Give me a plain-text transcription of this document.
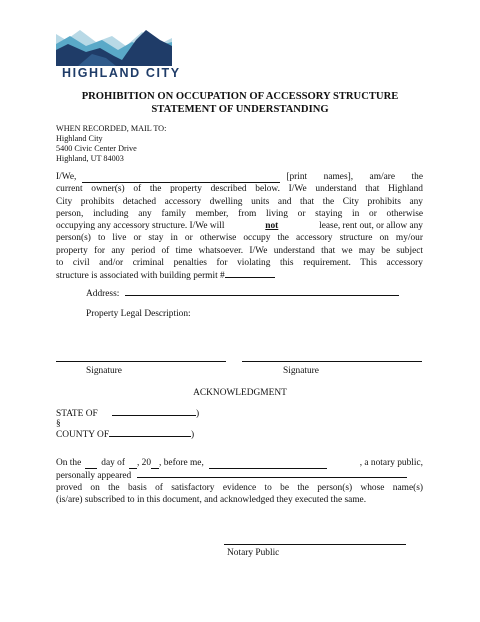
HIGHLAND CITY
PROHIBITION ON OCCUPATION OF ACCESSORY STRUCTURE
STATEMENT OF UNDERSTANDING
WHEN RECORDED, MAIL TO:
Highland City
5400 Civic Center Drive
Highland, UT 84003
I/We,	[print names], am/are the
current owner(s) of the property described below. I/We understand that Highland
City prohibits detached accessory dwelling units and that the City prohibits any
person, including any family member, from living or staying in or otherwise
occupying any accessory structure. I/We will	not	lease, rent out, or allow any
person(s) to live or stay in or otherwise occupy the accessory structure on my/our
property for any period of time whatsoever. I/We understand that we may be subject
to civil and/or criminal penalties for violating this requirement. This accessory
structure is associated with building permit #
Address:
Property Legal Description:
Signature	Signature
ACKNOWLEDGMENT
STATE OF	)
§
COUNTY OF	)
On the day of , 20 , before me,	, a notary public,
personally appeared
proved on the basis of satisfactory evidence to be the person(s) whose name(s)
(is/are) subscribed to in this document, and acknowledged they executed the same.
Notary Public
